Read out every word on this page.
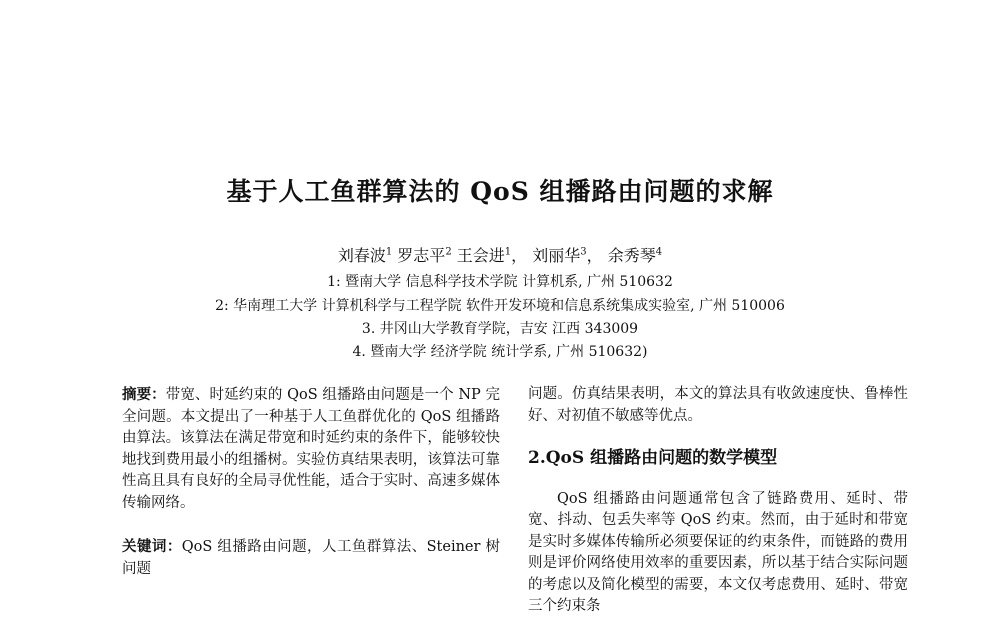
基于人工鱼群算法的 QoS 组播路由问题的求解
刘春波$^1$ 罗志平$^2$ 王会进$^1$， 刘丽华$^3$， 余秀琴$^4$
1: 暨南大学 信息科学技术学院 计算机系, 广州 510632
2: 华南理工大学 计算机科学与工程学院 软件开发环境和信息系统集成实验室, 广州 510006
3. 井冈山大学教育学院，吉安 江西 343009
4. 暨南大学 经济学院 统计学系, 广州 510632)

摘要：带宽、时延约束的 QoS 组播路由问题是一个 NP 完全问题。本文提出了一种基于人工鱼群优化的 QoS 组播路由算法。该算法在满足带宽和时延约束的条件下，能够较快地找到费用最小的组播树。实验仿真结果表明，该算法可靠性高且具有良好的全局寻优性能，适合于实时、高速多媒体传输网络。

关键词：QoS 组播路由问题，人工鱼群算法、Steiner 树问题

问题。仿真结果表明，本文的算法具有收敛速度快、鲁棒性好、对初值不敏感等优点。

2.QoS 组播路由问题的数学模型

QoS 组播路由问题通常包含了链路费用、延时、带宽、抖动、包丢失率等 QoS 约束。然而，由于延时和带宽是实时多媒体传输所必须要保证的约束条件，而链路的费用则是评价网络使用效率的重要因素，所以基于结合实际问题的考虑以及简化模型的需要，本文仅考虑费用、延时、带宽三个约束条
